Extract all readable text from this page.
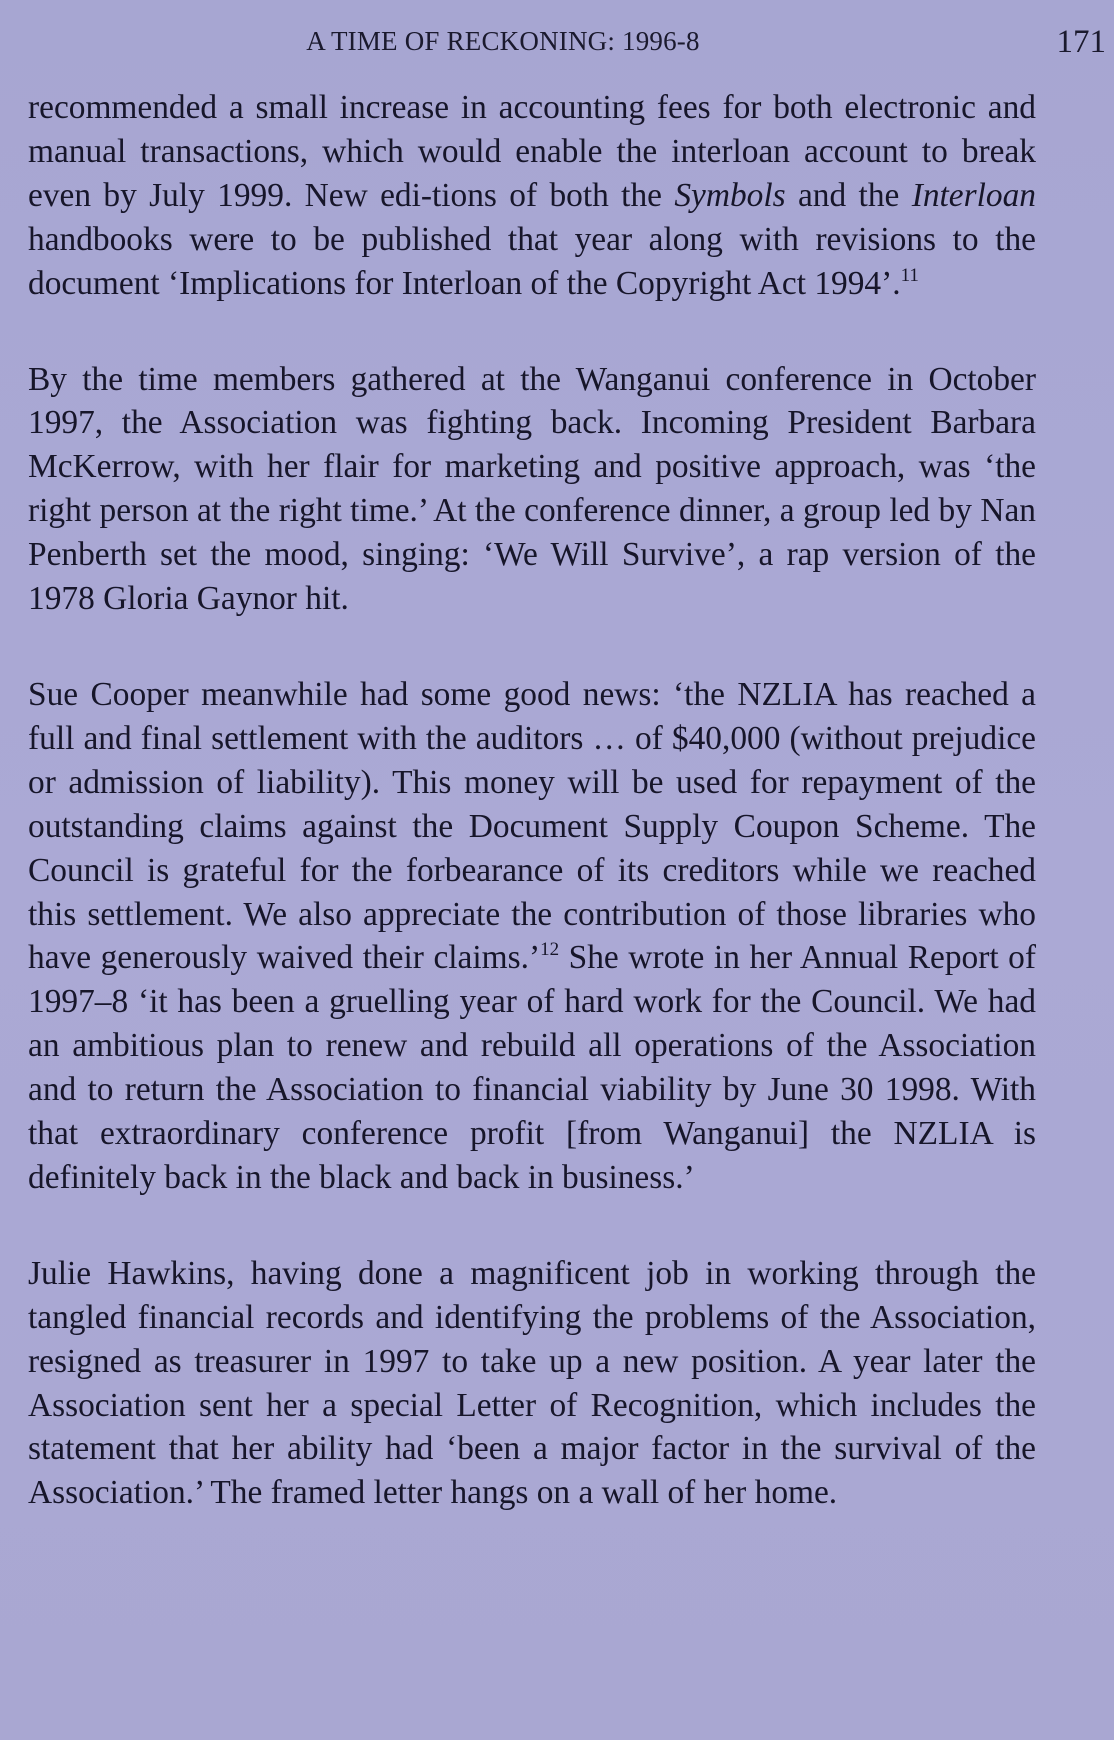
A TIME OF RECKONING: 1996-8	171

recommended a small increase in accounting fees for both electronic and manual transactions, which would enable the interloan account to break even by July 1999. New edi-tions of both the Symbols and the Interloan handbooks were to be published that year along with revisions to the document ‘Implications for Interloan of the Copyright Act 1994’.$^{11}$

By the time members gathered at the Wanganui conference in October 1997, the Association was fighting back. Incoming President Barbara McKerrow, with her flair for marketing and positive approach, was ‘the right person at the right time.’ At the conference dinner, a group led by Nan Penberth set the mood, singing: ‘We Will Survive’, a rap version of the 1978 Gloria Gaynor hit.

Sue Cooper meanwhile had some good news: ‘the NZLIA has reached a full and final settlement with the auditors … of $40,000 (without prejudice or admission of liability). This money will be used for repayment of the outstanding claims against the Document Supply Coupon Scheme. The Council is grateful for the forbearance of its creditors while we reached this settlement. We also appreciate the contribution of those libraries who have generously waived their claims.’$^{12}$ She wrote in her Annual Report of 1997–8 ‘it has been a gruelling year of hard work for the Council. We had an ambitious plan to renew and rebuild all operations of the Association and to return the Association to financial viability by June 30 1998. With that extraordinary conference profit [from Wanganui] the NZLIA is definitely back in the black and back in business.’

Julie Hawkins, having done a magnificent job in working through the tangled financial records and identifying the problems of the Association, resigned as treasurer in 1997 to take up a new position. A year later the Association sent her a special Letter of Recognition, which includes the statement that her ability had ‘been a major factor in the survival of the Association.’ The framed letter hangs on a wall of her home.
